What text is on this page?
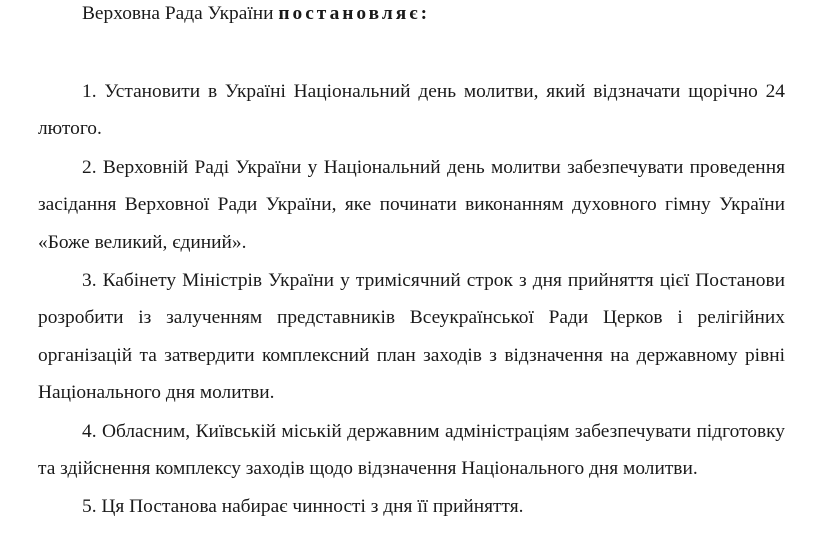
Верховна Рада України постановляє:

1. Установити в Україні Національний день молитви, який відзначати щорічно 24 лютого.

2. Верховній Раді України у Національний день молитви забезпечувати проведення засідання Верховної Ради України, яке починати виконанням духовного гімну України «Боже великий, єдиний».

3. Кабінету Міністрів України у тримісячний строк з дня прийняття цієї Постанови розробити із залученням представників Всеукраїнської Ради Церков і релігійних організацій та затвердити комплексний план заходів з відзначення на державному рівні Національного дня молитви.

4. Обласним, Київській міській державним адміністраціям забезпечувати підготовку та здійснення комплексу заходів щодо відзначення Національного дня молитви.

5. Ця Постанова набирає чинності з дня її прийняття.
